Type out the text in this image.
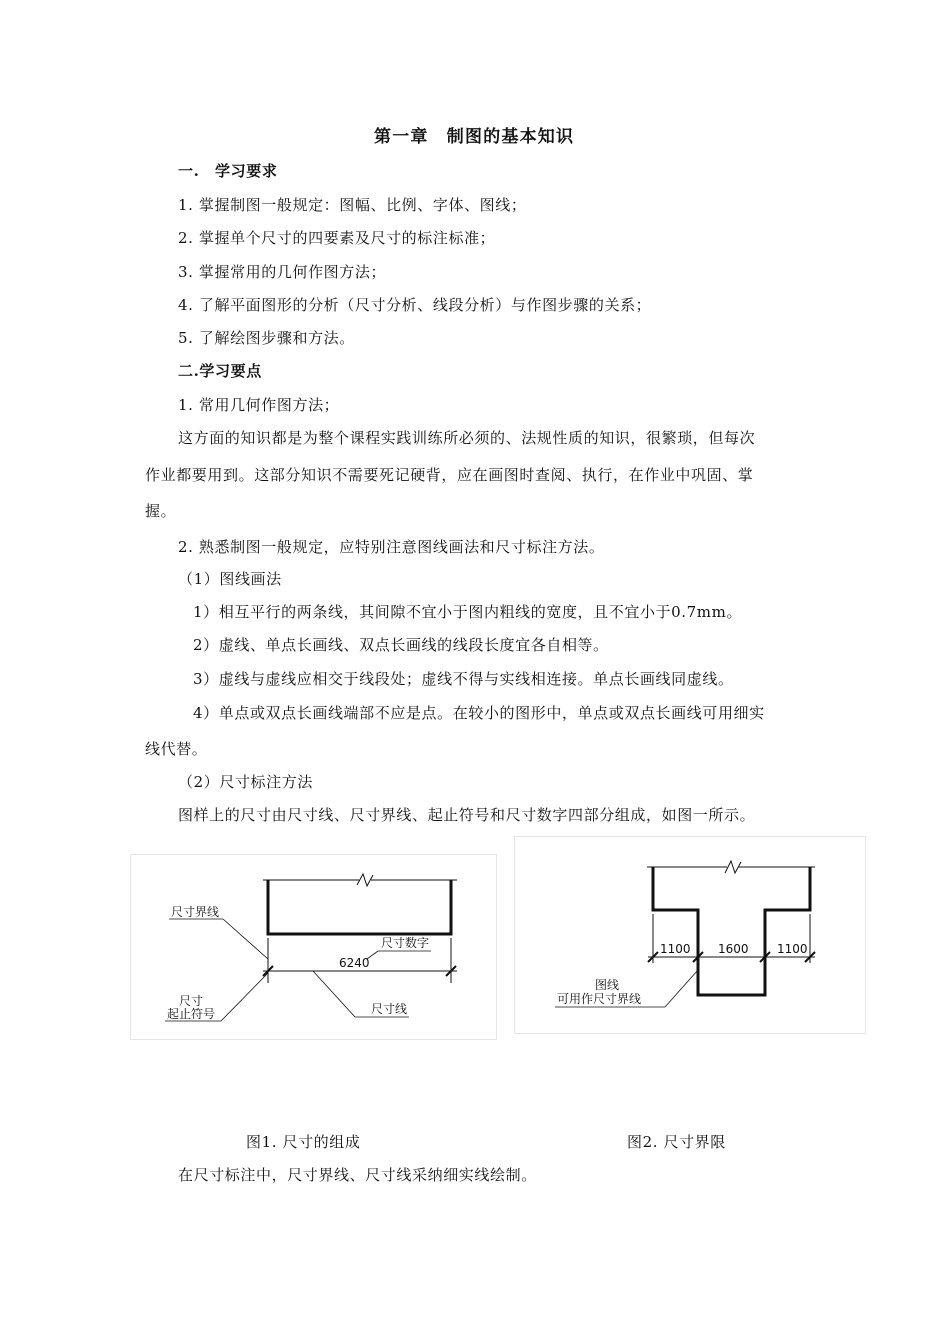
第一章　制图的基本知识
一.　学习要求
1. 掌握制图一般规定：图幅、比例、字体、图线；
2. 掌握单个尺寸的四要素及尺寸的标注标准；
3. 掌握常用的几何作图方法；
4. 了解平面图形的分析（尺寸分析、线段分析）与作图步骤的关系；
5. 了解绘图步骤和方法。
二.学习要点
1. 常用几何作图方法；
这方面的知识都是为整个课程实践训练所必须的、法规性质的知识，很繁琐，但每次
作业都要用到。这部分知识不需要死记硬背，应在画图时查阅、执行，在作业中巩固、掌
握。
2. 熟悉制图一般规定，应特别注意图线画法和尺寸标注方法。
（1）图线画法
1）相互平行的两条线，其间隙不宜小于图内粗线的宽度，且不宜小于0.7mm。
2）虚线、单点长画线、双点长画线的线段长度宜各自相等。
3）虚线与虚线应相交于线段处；虚线不得与实线相连接。单点长画线同虚线。
4）单点或双点长画线端部不应是点。在较小的图形中，单点或双点长画线可用细实
线代替。
（2）尺寸标注方法
图样上的尺寸由尺寸线、尺寸界线、起止符号和尺寸数字四部分组成，如图一所示。
6240
尺寸数字
尺寸界线
尺寸
起止符号	尺寸线
1100 1600 1100
图线
可用作尺寸界线
图1. 尺寸的组成	图2. 尺寸界限
在尺寸标注中，尺寸界线、尺寸线采纳细实线绘制。
